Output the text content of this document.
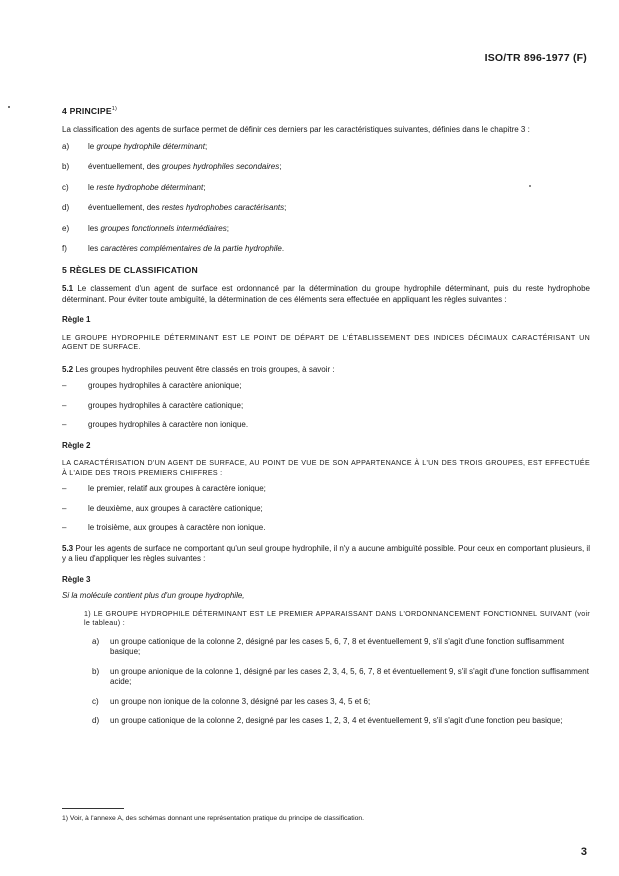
ISO/TR 896-1977 (F)
4 PRINCIPE$^{1)}$
La classification des agents de surface permet de définir ces derniers par les caractéristiques suivantes, définies dans le chapitre 3 :
a) le groupe hydrophile déterminant;
b) éventuellement, des groupes hydrophiles secondaires;
c) le reste hydrophobe déterminant;
d) éventuellement, des restes hydrophobes caractérisants;
e) les groupes fonctionnels intermédiaires;
f)	les caractères complémentaires de la partie hydrophile.
5 RÈGLES DE CLASSIFICATION
5.1 Le classement d'un agent de surface est ordonnancé par la détermination du groupe hydrophile déterminant, puis du reste hydrophobe déterminant. Pour éviter toute ambiguïté, la détermination de ces éléments sera effectuée en appliquant les règles suivantes :
Règle 1
LE GROUPE HYDROPHILE DÉTERMINANT EST LE POINT DE DÉPART DE L'ÉTABLISSEMENT DES INDICES DÉCIMAUX CARACTÉRISANT UN AGENT DE SURFACE.
5.2 Les groupes hydrophiles peuvent être classés en trois groupes, à savoir :
–	groupes hydrophiles à caractère anionique;
–	groupes hydrophiles à caractère cationique;
–	groupes hydrophiles à caractère non ionique.
Règle 2
LA CARACTÉRISATION D'UN AGENT DE SURFACE, AU POINT DE VUE DE SON APPARTENANCE À L'UN DES TROIS GROUPES, EST EFFECTUÉE À L'AIDE DES TROIS PREMIERS CHIFFRES :
–	le premier, relatif aux groupes à caractère ionique;
–	le deuxième, aux groupes à caractère cationique;
–	le troisième, aux groupes à caractère non ionique.
5.3 Pour les agents de surface ne comportant qu'un seul groupe hydrophile, il n'y a aucune ambiguïté possible. Pour ceux en comportant plusieurs, il y a lieu d'appliquer les règles suivantes :
Règle 3
Si la molécule contient plus d'un groupe hydrophile,
1) LE GROUPE HYDROPHILE DÉTERMINANT EST LE PREMIER APPARAISSANT DANS L'ORDONNANCEMENT FONCTIONNEL SUIVANT (voir le tableau) :
a) un groupe cationique de la colonne 2, désigné par les cases 5, 6, 7, 8 et éventuellement 9, s'il s'agit d'une fonction suffisamment basique;
b) un groupe anionique de la colonne 1, désigné par les cases 2, 3, 4, 5, 6, 7, 8 et éventuellement 9, s'il s'agit d'une fonction suffisamment acide;
c) un groupe non ionique de la colonne 3, désigné par les cases 3, 4, 5 et 6;
d) un groupe cationique de la colonne 2, designé par les cases 1, 2, 3, 4 et éventuellement 9, s'il s'agit d'une fonction peu basique;
1) Voir, à l'annexe A, des schémas donnant une représentation pratique du principe de classification.
3
